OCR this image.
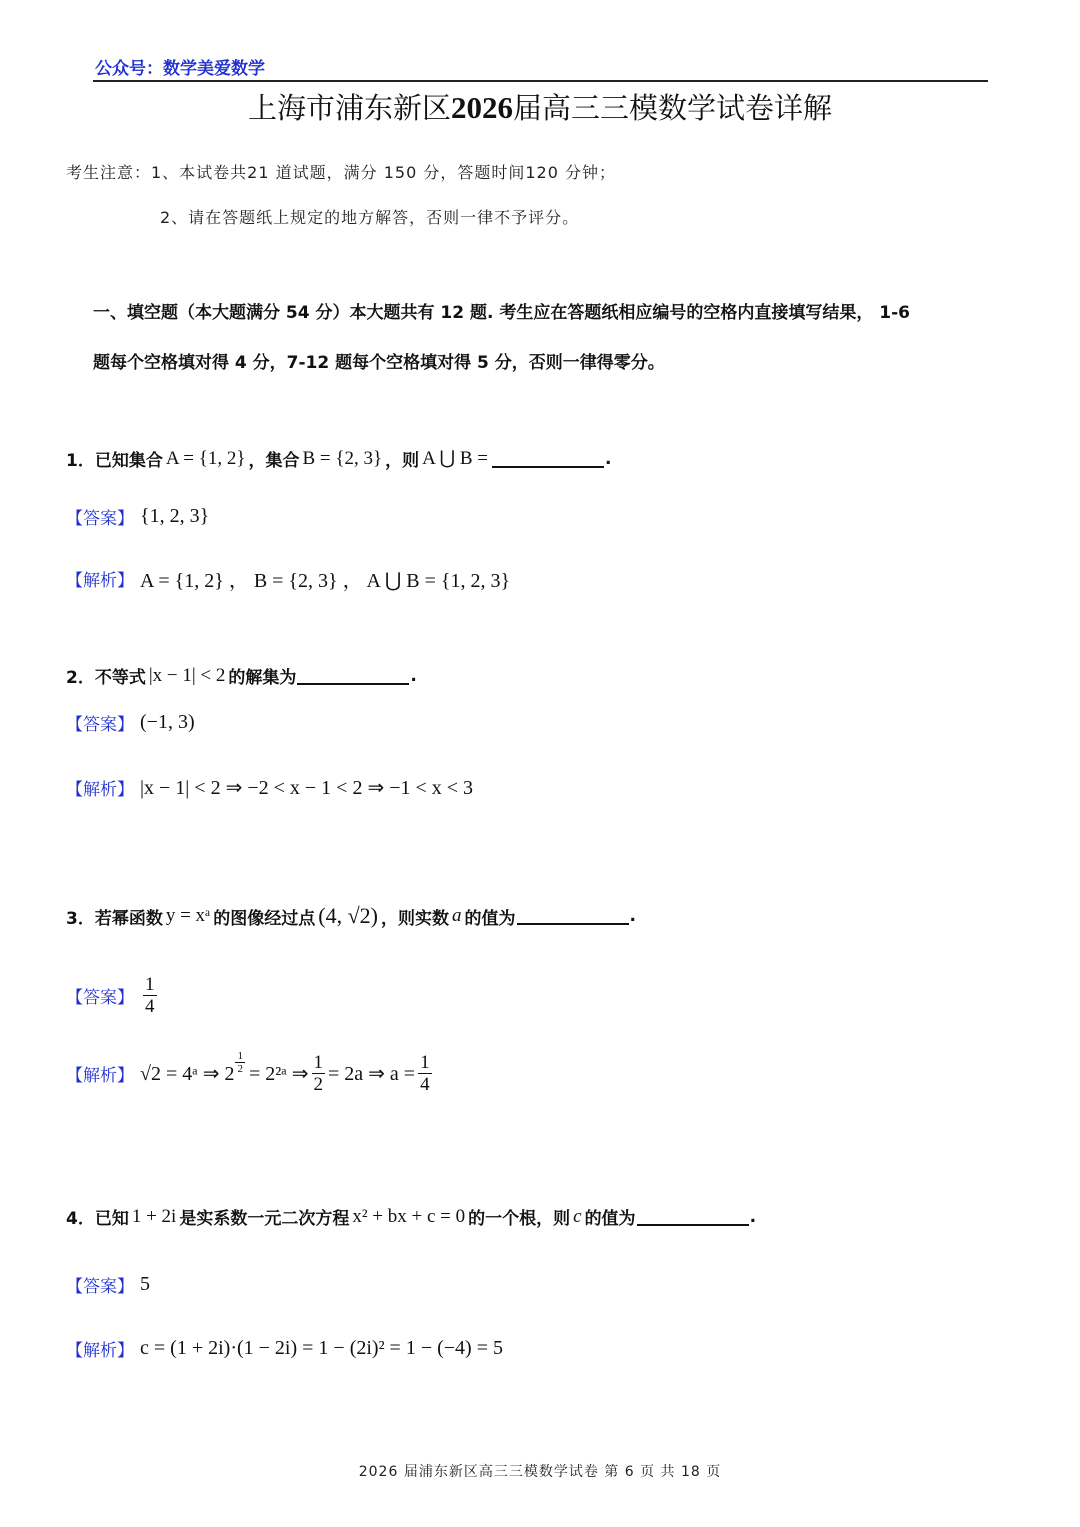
公众号：数学美爱数学
上海市浦东新区2026届高三三模数学试卷详解
考生注意：1、本试卷共21 道试题，满分 150 分，答题时间120 分钟；
2、请在答题纸上规定的地方解答，否则一律不予评分。
一、填空题（本大题满分 54 分）本大题共有 12 题. 考生应在答题纸相应编号的空格内直接填写结果， 1-6
题每个空格填对得 4 分，7-12 题每个空格填对得 5 分，否则一律得零分。
1．已知集合 A = {1, 2} ，集合 B = {2, 3} ，则 A ⋃ B =	.
【答案】 {1, 2, 3}
【解析】 A = {1, 2} ， B = {2, 3} ， A ⋃ B = {1, 2, 3}
2．不等式 |x − 1| < 2 的解集为	.
【答案】 (−1, 3)
【解析】 |x − 1| < 2 ⇒ −2 < x − 1 < 2 ⇒ −1 < x < 3
3．若幂函数 y = xᵃ 的图像经过点 (4, √2) ，则实数 a 的值为	.
【答案】 $\frac{1}{4}$
【解析】 √2 = 4ᵃ ⇒ $2 \frac{1}{2}$ = 2²ᵃ ⇒ $\frac{1}{2} = 2a$ ⇒ $a = \frac{1}{4}$
4．已知 1 + 2i 是实系数一元二次方程 x² + bx + c = 0 的一个根，则 c 的值为	.
【答案】 5
【解析】 c = (1 + 2i)·(1 − 2i) = 1 − (2i)² = 1 − (−4) = 5
2026 届浦东新区高三三模数学试卷 第 6 页 共 18 页
